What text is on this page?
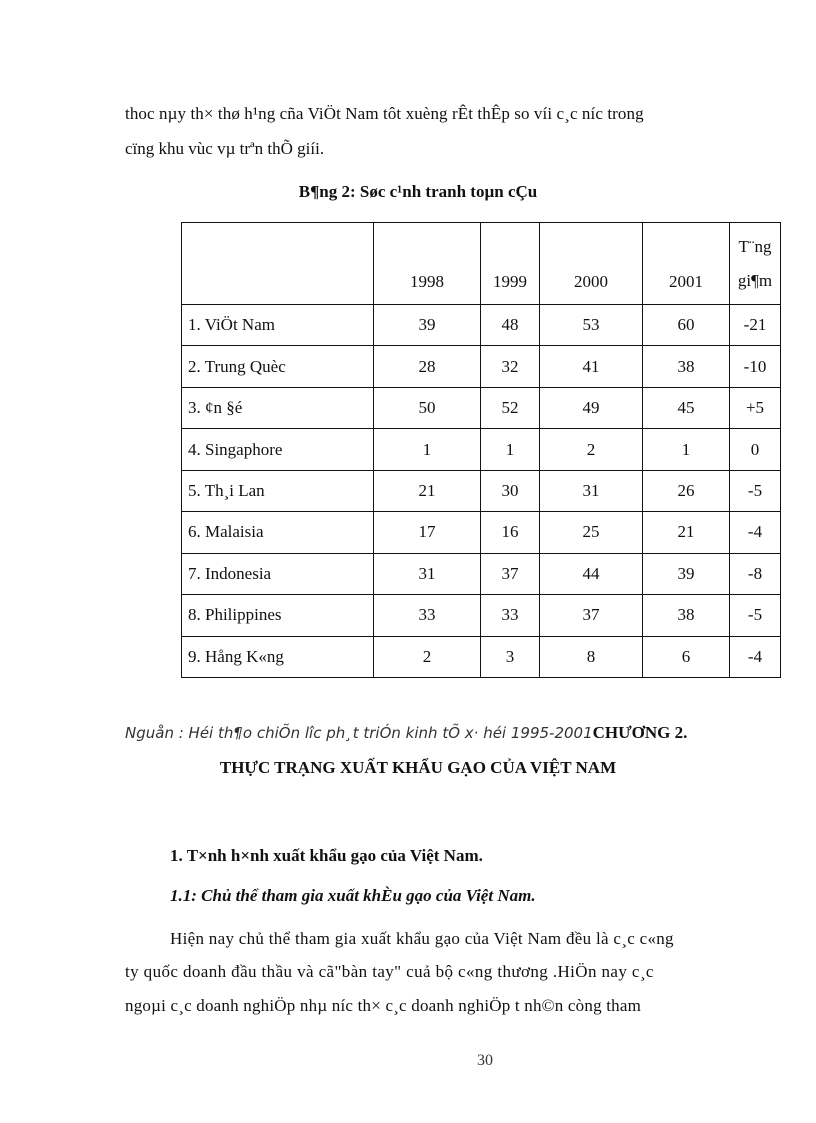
thoc nµy th× thø h¹ng cña ViÖt Nam tôt xuèng rÊt thÊp so víi c¸c níc trong
cïng khu vùc vµ trªn thÕ giíi.
B¶ng 2: Søc c¹nh tranh toµn cÇu
	1998	1999	2000	2001	T¨ng gi¶m
1. ViÖt Nam	39	48	53	60	-21
2. Trung Quèc	28	32	41	38	-10
3. ¢n §é	50	52	49	45	+5
4. Singaphore	1	1	2	1	0
5. Th¸i Lan	21	30	31	26	-5
6. Malaisia	17	16	25	21	-4
7. Indonesia	31	37	44	39	-8
8. Philippines	33	33	37	38	-5
9. Hång K«ng	2	3	8	6	-4
Nguån : Héi th¶o chiÕn lîc ph¸t triÓn kinh tÕ x· héi 1995-2001CHƯƠNG 2.
THỰC TRẠNG XUẤT KHẨU GẠO CỦA VIỆT NAM
1. T×nh h×nh xuất khẩu gạo của Việt Nam.
1.1: Chủ thể tham gia xuất khÈu gạo của Việt Nam.
Hiện nay chủ thể tham gia xuất khẩu gạo của Việt Nam đều là c¸c c«ng
ty quốc doanh đầu thầu và cã"bàn tay" cuả bộ c«ng thương .HiÖn nay c¸c
ngoµi c¸c doanh nghiÖp nhµ níc th× c¸c doanh nghiÖp t nh©n còng tham
30
